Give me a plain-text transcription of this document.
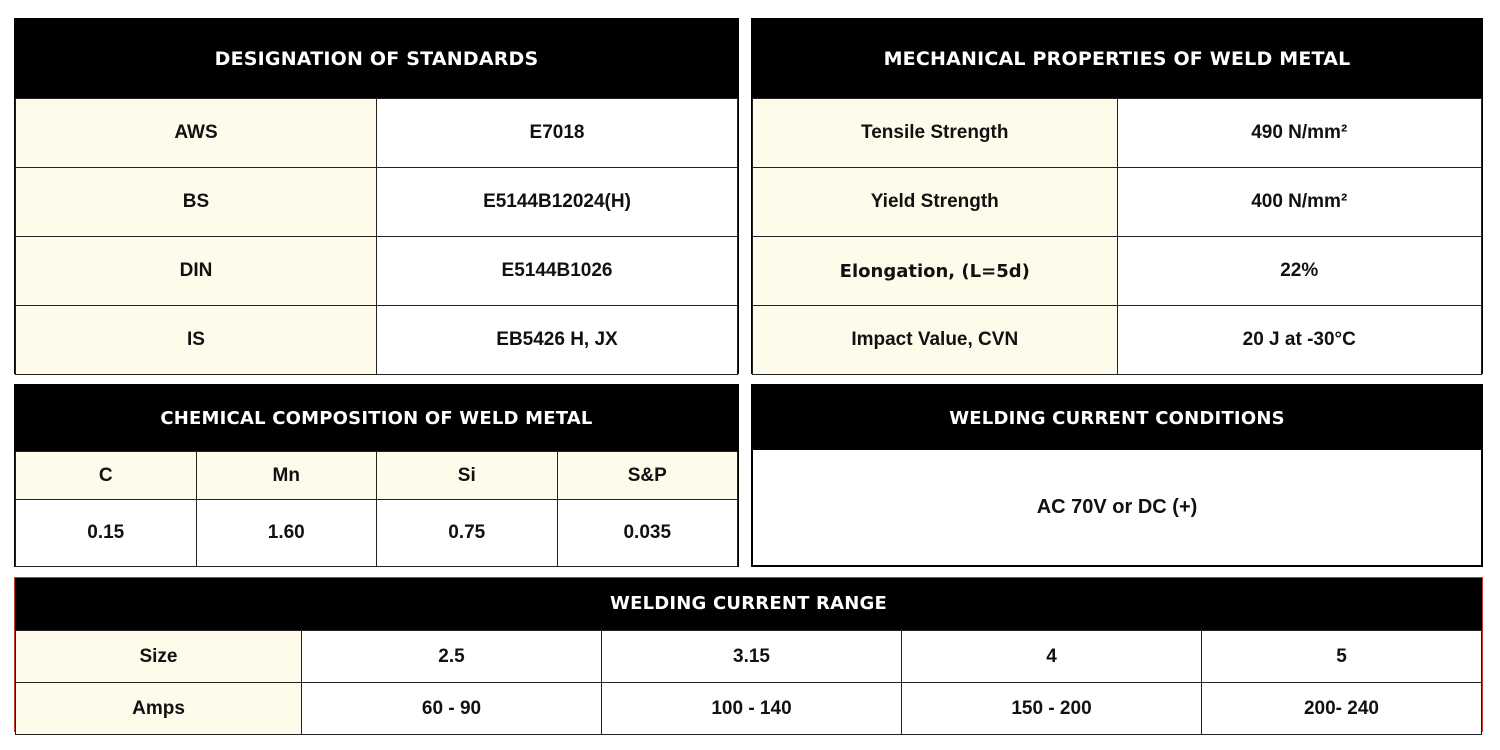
DESIGNATION OF STANDARDS
AWS	E7018
BS	E5144B12024(H)
DIN	E5144B1026
IS	EB5426 H, JX
MECHANICAL PROPERTIES OF WELD METAL
Tensile Strength	490 N/mm²
Yield Strength	400 N/mm²
Elongation, (L=5d)	22%
Impact Value, CVN	20 J at -30°C
CHEMICAL COMPOSITION OF WELD METAL
C	Mn	Si	S&P
0.15	1.60	0.75	0.035
WELDING CURRENT CONDITIONS
AC 70V or DC (+)
WELDING CURRENT RANGE
Size	2.5	3.15	4	5
Amps	60 - 90	100 - 140	150 - 200	200- 240
